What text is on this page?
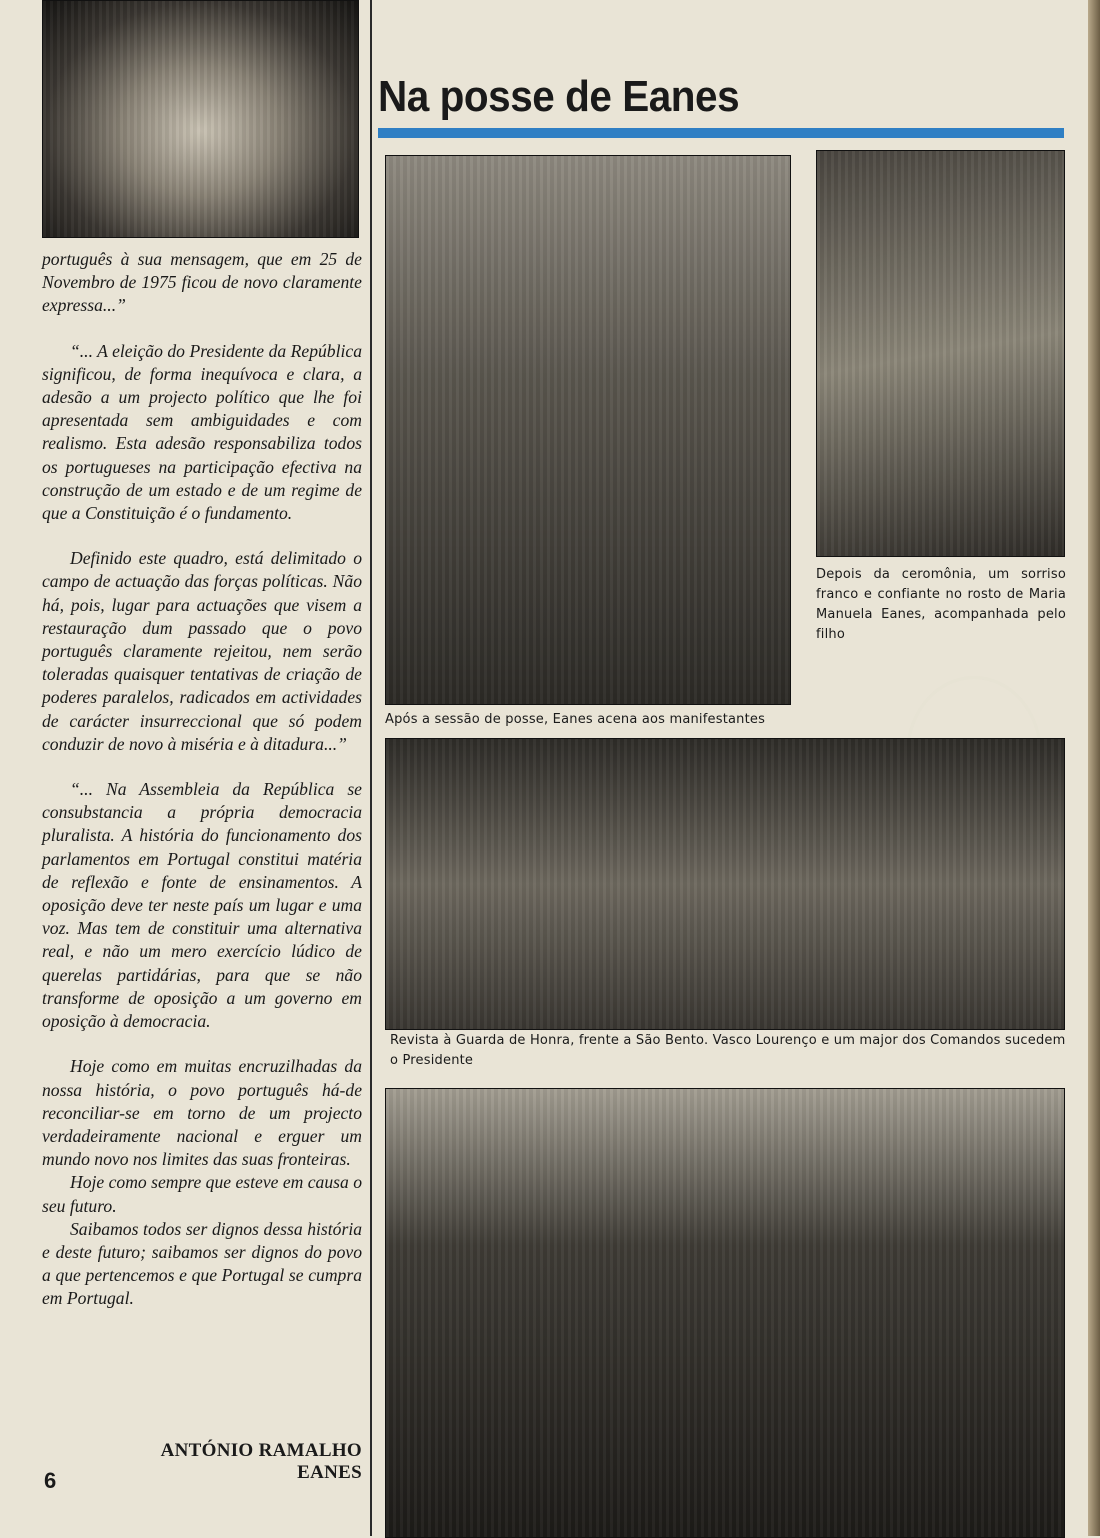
português à sua mensagem, que em 25 de Novembro de 1975 ficou de novo claramente expressa...”

“... A eleição do Presidente da República significou, de forma inequívoca e clara, a adesão a um projecto político que lhe foi apresentada sem ambiguidades e com realismo. Esta adesão responsabiliza todos os portugueses na participação efectiva na construção de um estado e de um regime de que a Constituição é o fundamento.

Definido este quadro, está delimitado o campo de actuação das forças políticas. Não há, pois, lugar para actuações que visem a restauração dum passado que o povo português claramente rejeitou, nem serão toleradas quaisquer tentativas de criação de poderes paralelos, radicados em actividades de carácter insurreccional que só podem conduzir de novo à miséria e à ditadura...”

“... Na Assembleia da República se consubstancia a própria democracia pluralista. A história do funcionamento dos parlamentos em Portugal constitui matéria de reflexão e fonte de ensinamentos. A oposição deve ter neste país um lugar e uma voz. Mas tem de constituir uma alternativa real, e não um mero exercício lúdico de querelas partidárias, para que se não transforme de oposição a um governo em oposição à democracia.

Hoje como em muitas encruzilhadas da nossa história, o povo português há-de reconciliar-se em torno de um projecto verdadeiramente nacional e erguer um mundo novo nos limites das suas fronteiras.

Hoje como sempre que esteve em causa o seu futuro.

Saibamos todos ser dignos dessa história e deste futuro; saibamos ser dignos do povo a que pertencemos e que Portugal se cumpra em Portugal.

ANTÓNIO RAMALHO EANES
6
Na posse de Eanes

Após a sessão de posse, Eanes acena aos manifestantes

Depois da ceromônia, um sorriso franco e confiante no rosto de Maria Manuela Eanes, acompanhada pelo filho

Revista à Guarda de Honra, frente a São Bento. Vasco Lourenço e um major dos Comandos sucedem o Presidente
